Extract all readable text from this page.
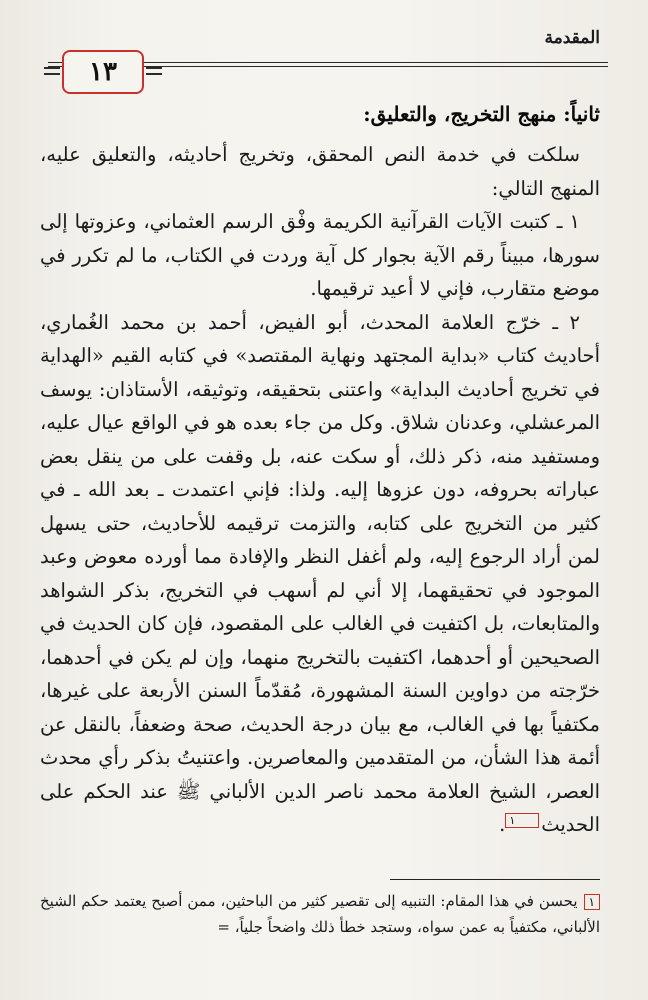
المقدمة
١٣
ثانياً: منهج التخريج، والتعليق:

سلكت في خدمة النص المحقق، وتخريج أحاديثه، والتعليق عليه، المنهج التالي:

١ ـ كتبت الآيات القرآنية الكريمة وفْق الرسم العثماني، وعزوتها إلى سورها، مبيناً رقم الآية بجوار كل آية وردت في الكتاب، ما لم تكرر في موضع متقارب، فإني لا أعيد ترقيمها.

٢ ـ خرّج العلامة المحدث، أبو الفيض، أحمد بن محمد الغُماري، أحاديث كتاب «بداية المجتهد ونهاية المقتصد» في كتابه القيم «الهداية في تخريج أحاديث البداية» واعتنى بتحقيقه، وتوثيقه، الأستاذان: يوسف المرعشلي، وعدنان شلاق. وكل من جاء بعده هو في الواقع عيال عليه، ومستفيد منه، ذكر ذلك، أو سكت عنه، بل وقفت على من ينقل بعض عباراته بحروفه، دون عزوها إليه. ولذا: فإني اعتمدت ـ بعد الله ـ في كثير من التخريج على كتابه، والتزمت ترقيمه للأحاديث، حتى يسهل لمن أراد الرجوع إليه، ولم أغفل النظر والإفادة مما أورده معوض وعبد الموجود في تحقيقهما، إلا أني لم أسهب في التخريج، بذكر الشواهد والمتابعات، بل اكتفيت في الغالب على المقصود، فإن كان الحديث في الصحيحين أو أحدهما، اكتفيت بالتخريج منهما، وإن لم يكن في أحدهما، خرّجته من دواوين السنة المشهورة، مُقدّماً السنن الأربعة على غيرها، مكتفياً بها في الغالب، مع بيان درجة الحديث، صحة وضعفاً، بالنقل عن أئمة هذا الشأن، من المتقدمين والمعاصرين. واعتنيتُ بذكر رأي محدث العصر، الشيخ العلامة محمد ناصر الدين الألباني ﷺ عند الحكم على الحديث١.

١يحسن في هذا المقام: التنبيه إلى تقصير كثير من الباحثين، ممن أصبح يعتمد حكم الشيخ الألباني، مكتفياً به عمن سواه، وستجد خطأ ذلك واضحاً جلياً، =
